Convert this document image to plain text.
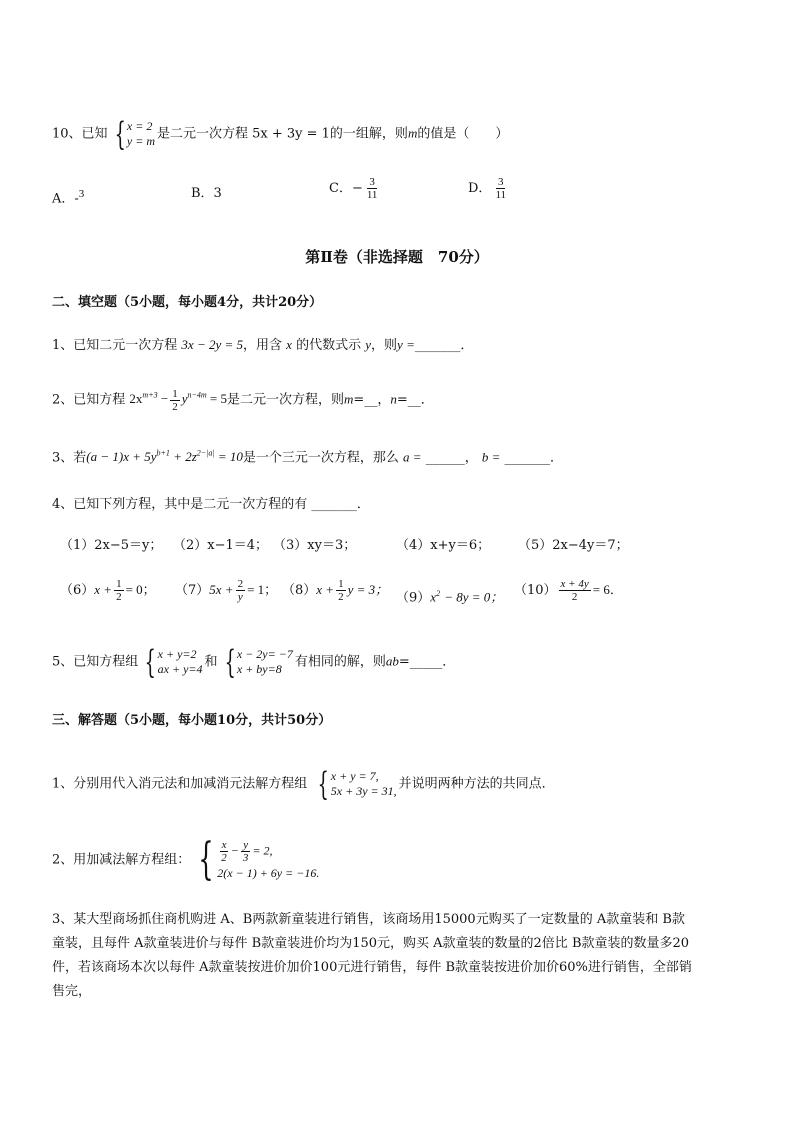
10、已知 { x = 2
y = m 是二元一次方程 5x + 3y = 1的一组解，则m的值是（　　）
A．-$^3$	B．3	C．− $\frac{3}{11}$	D． $\frac{3}{11}$
第Ⅱ卷（非选择题　70分）
二、填空题（5小题，每小题4分，共计20分）
1、已知二元一次方程 3x − 2y = 5，用含 x 的代数式示 y，则y =_______．
2、已知方程 $2x^{m+3} - \frac{1}{2} y^{n-4m} = 5$是二元一次方程，则m=__，n=__．
3、若$(a - 1)x + 5y^{b+1} + 2z^{2-|a|} = 10$是一个三元一次方程，那么 a = ______， b = _______．
4、已知下列方程，其中是二元一次方程的有 _______．
（1）2x−5＝y； （2）x−1＝4； （3）xy＝3；	（4）x+y＝6； （5）2x−4y＝7；
$(6)x + \frac{1}{2} = 0$； $(7)5x + \frac{2}{y} = 1$； $(8)x + \frac{1}{2}$ y = 3；
$(9)x^2 - 8y = 0$； $(10) \frac{x + 4y}{2} = 6$．
5、已知方程组 { x + y=2
ax + y=4 和 { x − 2y= −7
x + by=8	有相同的解，则ab=_____．
三、解答题（5小题，每小题10分，共计50分）
1、分别用代入消元法和加减消元法解方程组 { x + y = 7,
5x + 3y = 31, 并说明两种方法的共同点．
2、用加减法解方程组： { $\frac{x}{2} - \frac{y}{3} = 2$,
2(x − 1) + 6y = −16.
3、某大型商场抓住商机购进 A、B两款新童装进行销售，该商场用15000元购买了一定数量的 A款童装和 B款童装，且每件 A款童装进价与每件 B款童装进价均为150元，购买 A款童装的数量的2倍比 B款童装的数量多20件，若该商场本次以每件 A款童装按进价加价100元进行销售，每件 B款童装按进价加价60%进行销售，全部销售完，
